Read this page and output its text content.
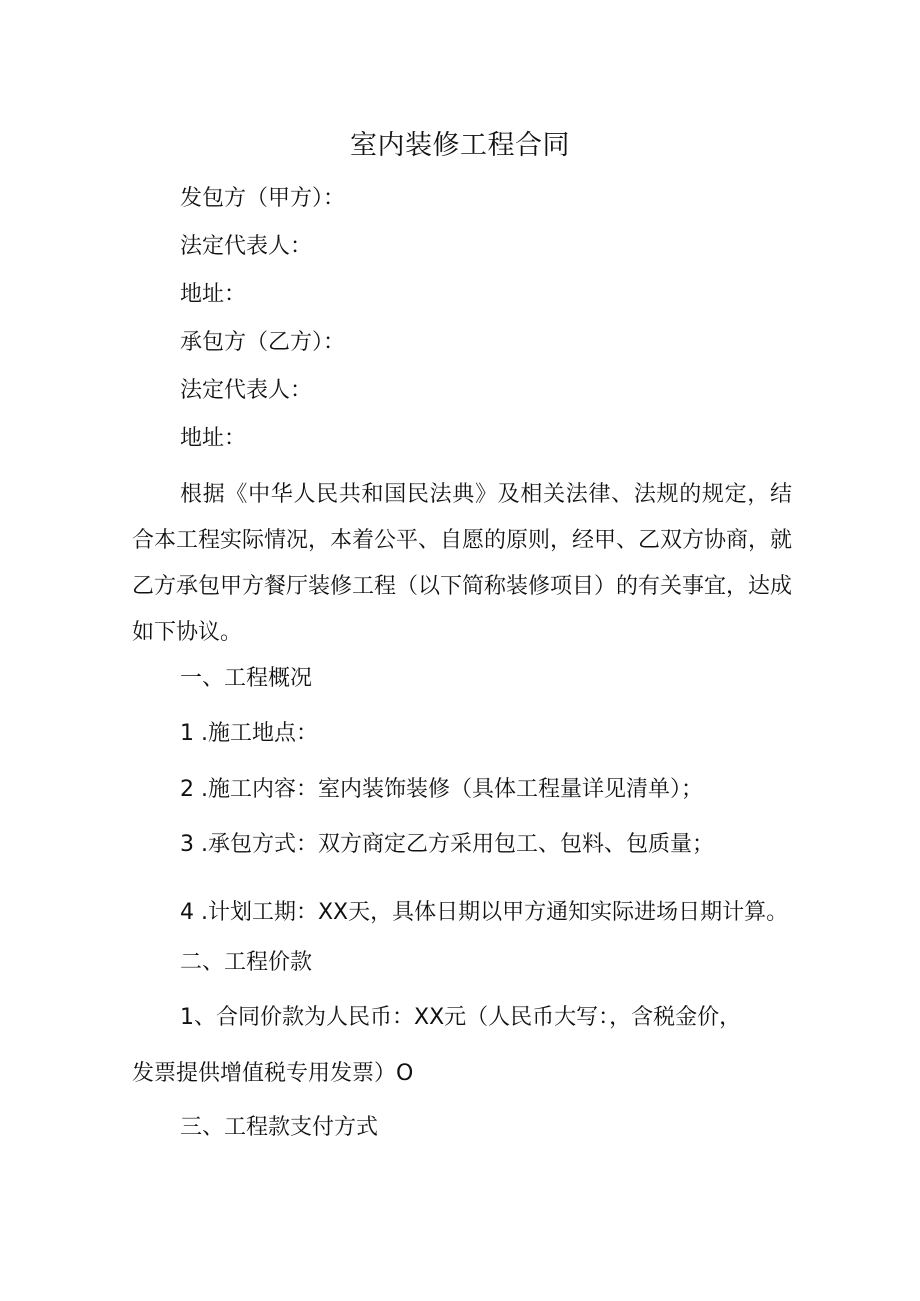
室内装修工程合同
发包方（甲方）：
法定代表人：
地址：
承包方（乙方）：
法定代表人：
地址：
根据《中华人民共和国民法典》及相关法律、法规的规定，结合本工程实际情况，本着公平、自愿的原则，经甲、乙双方协商，就乙方承包甲方餐厅装修工程（以下简称装修项目）的有关事宜，达成如下协议。
一、工程概况
1 .施工地点：
2 .施工内容：室内装饰装修（具体工程量详见清单）；
3 .承包方式：双方商定乙方采用包工、包料、包质量；
4 .计划工期：XX天，具体日期以甲方通知实际进场日期计算。
二、工程价款
1、合同价款为人民币：XX元（人民币大写：，含税金价，
发票提供增值税专用发票）O
三、工程款支付方式
